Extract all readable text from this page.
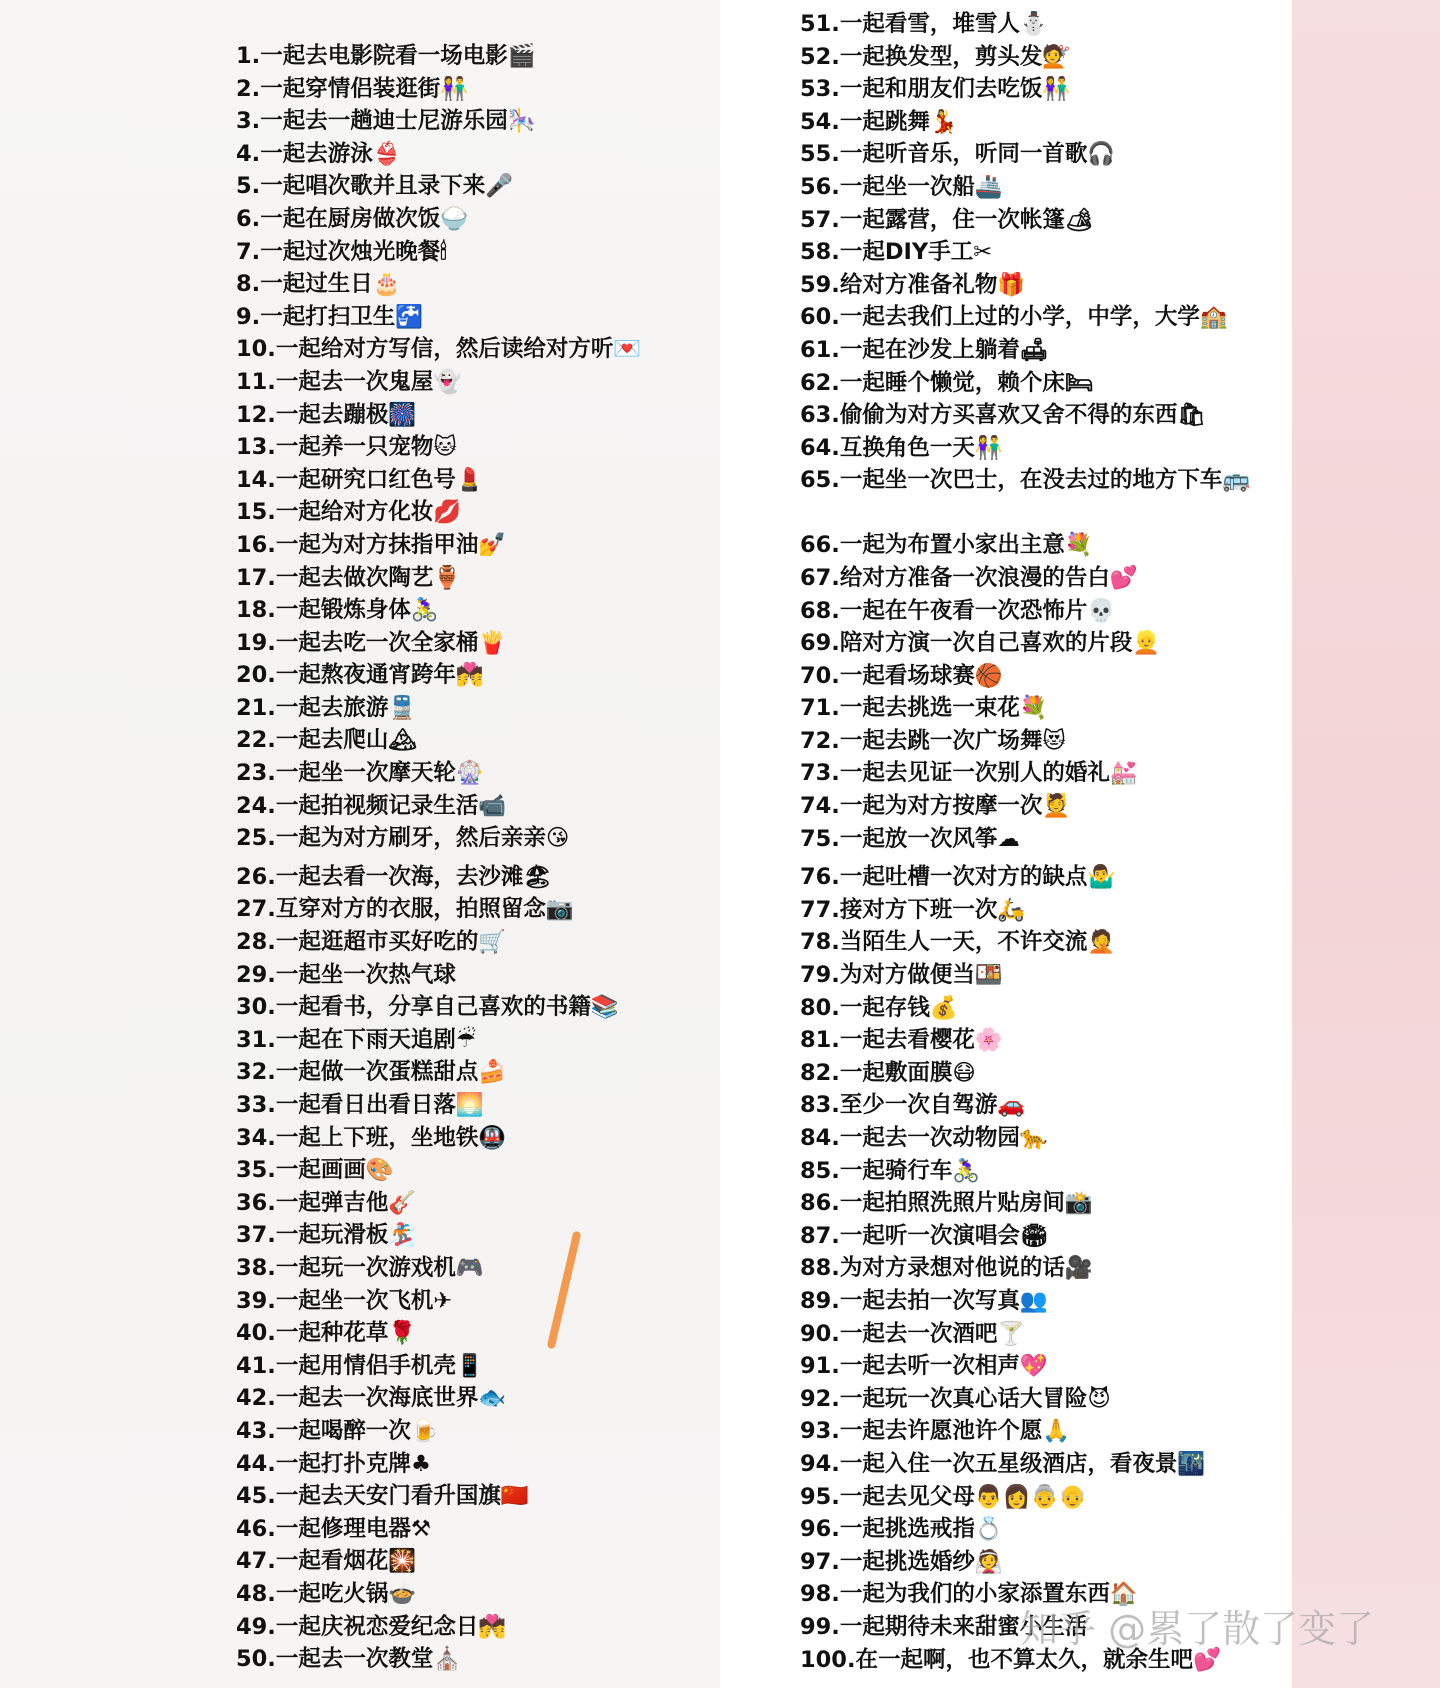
1.一起去电影院看一场电影🎬
2.一起穿情侣装逛街👫
3.一起去一趟迪士尼游乐园🎠
4.一起去游泳👙
5.一起唱次歌并且录下来🎤
6.一起在厨房做次饭🍚
7.一起过次烛光晚餐🕯
8.一起过生日🎂
9.一起打扫卫生🚰
10.一起给对方写信，然后读给对方听💌
11.一起去一次鬼屋👻
12.一起去蹦极🎆
13.一起养一只宠物🐱
14.一起研究口红色号💄
15.一起给对方化妆💋
16.一起为对方抹指甲油💅
17.一起去做次陶艺🏺
18.一起锻炼身体🚴‍♀
19.一起去吃一次全家桶🍟
20.一起熬夜通宵跨年💏
21.一起去旅游🚆
22.一起去爬山🏔
23.一起坐一次摩天轮🎡
24.一起拍视频记录生活📹
25.一起为对方刷牙，然后亲亲😘
26.一起去看一次海，去沙滩🏖
27.互穿对方的衣服，拍照留念📷
28.一起逛超市买好吃的🛒
29.一起坐一次热气球
30.一起看书，分享自己喜欢的书籍📚
31.一起在下雨天追剧☔
32.一起做一次蛋糕甜点🍰
33.一起看日出看日落🌅
34.一起上下班，坐地铁🚇
35.一起画画🎨
36.一起弹吉他🎸
37.一起玩滑板🏂
38.一起玩一次游戏机🎮
39.一起坐一次飞机✈
40.一起种花草🌹
41.一起用情侣手机壳📱
42.一起去一次海底世界🐟
43.一起喝醉一次🍺
44.一起打扑克牌♣
45.一起去天安门看升国旗🇨🇳
46.一起修理电器⚒
47.一起看烟花🎇
48.一起吃火锅🍲
49.一起庆祝恋爱纪念日💏
50.一起去一次教堂⛪
51.一起看雪，堆雪人⛄
52.一起换发型，剪头发💇
53.一起和朋友们去吃饭👫
54.一起跳舞💃
55.一起听音乐，听同一首歌🎧
56.一起坐一次船🚢
57.一起露营，住一次帐篷🏕
58.一起DIY手工✂
59.给对方准备礼物🎁
60.一起去我们上过的小学，中学，大学🏫
61.一起在沙发上躺着🛋
62.一起睡个懒觉，赖个床🛏
63.偷偷为对方买喜欢又舍不得的东西🛍
64.互换角色一天👫
65.一起坐一次巴士，在没去过的地方下车🚌
66.一起为布置小家出主意💐
67.给对方准备一次浪漫的告白💕
68.一起在午夜看一次恐怖片💀
69.陪对方演一次自己喜欢的片段👱
70.一起看场球赛🏀
71.一起去挑选一束花💐
72.一起去跳一次广场舞😻
73.一起去见证一次别人的婚礼💒
74.一起为对方按摩一次💆
75.一起放一次风筝☁
76.一起吐槽一次对方的缺点🤷‍♂
77.接对方下班一次🛵
78.当陌生人一天，不许交流🤦
79.为对方做便当🍱
80.一起存钱💰
81.一起去看樱花🌸
82.一起敷面膜😷
83.至少一次自驾游🚗
84.一起去一次动物园🐆
85.一起骑行车🚴‍♀
86.一起拍照洗照片贴房间📸
87.一起听一次演唱会🏟
88.为对方录想对他说的话🎥
89.一起去拍一次写真👥
90.一起去一次酒吧🍸
91.一起去听一次相声💖
92.一起玩一次真心话大冒险😈
93.一起去许愿池许个愿🙏
94.一起入住一次五星级酒店，看夜景🌃
95.一起去见父母👨👩👵👴
96.一起挑选戒指💍
97.一起挑选婚纱👰
98.一起为我们的小家添置东西🏠
99.一起期待未来甜蜜小生活
100.在一起啊，也不算太久，就余生吧💕
知乎 @累了散了变了
